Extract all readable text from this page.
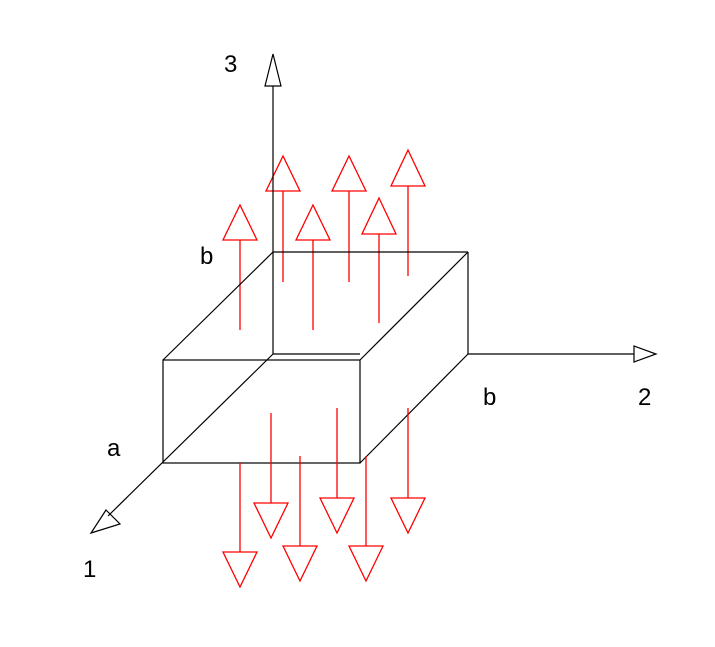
3
2
1
a
b
b
